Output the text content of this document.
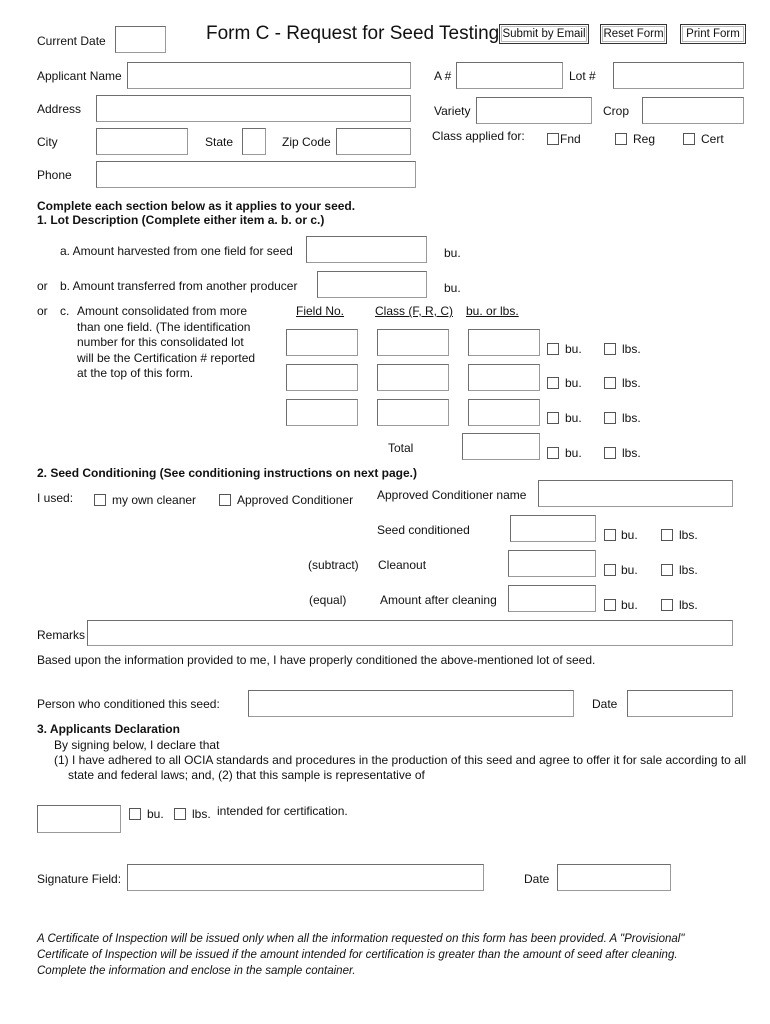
Current Date	Form C - Request for Seed Testing Submit by Email	Reset Form	Print Form
Applicant Name	A #	Lot #
Address	Variety	Crop
City	State	Zip Code	Class applied for:	Fnd	Reg	Cert
Phone
Complete each section below as it applies to your seed.
1. Lot Description (Complete either item a. b. or c.)
a. Amount harvested from one field for seed	bu.
or b. Amount transferred from another producer	bu.
or c. Amount consolidated from more than one field. (The identification number for this consolidated lot will be the Certification # reported at the top of this form.
Field No.	Class (F, R, C) bu. or lbs.
bu.	lbs.
bu.	lbs.
bu.	lbs.
Total	bu.	lbs.
2. Seed Conditioning (See conditioning instructions on next page.)
I used:	my own cleaner	Approved Conditioner Approved Conditioner name
Seed conditioned	bu.	lbs.
(subtract) Cleanout	bu.	lbs.
(equal)	Amount after cleaning	bu.	lbs.
Remarks
Based upon the information provided to me, I have properly conditioned the above-mentioned lot of seed.
Person who conditioned this seed:	Date
3. Applicants Declaration
By signing below, I declare that
(1) I have adhered to all OCIA standards and procedures in the production of this seed and agree to offer it for sale according to all
state and federal laws; and, (2) that this sample is representative of
bu. lbs. intended for certification.
Signature Field:	Date
A Certificate of Inspection will be issued only when all the information requested on this form has been provided. A "Provisional" Certificate of Inspection will be issued if the amount intended for certification is greater than the amount of seed after cleaning. Complete the information and enclose in the sample container.
